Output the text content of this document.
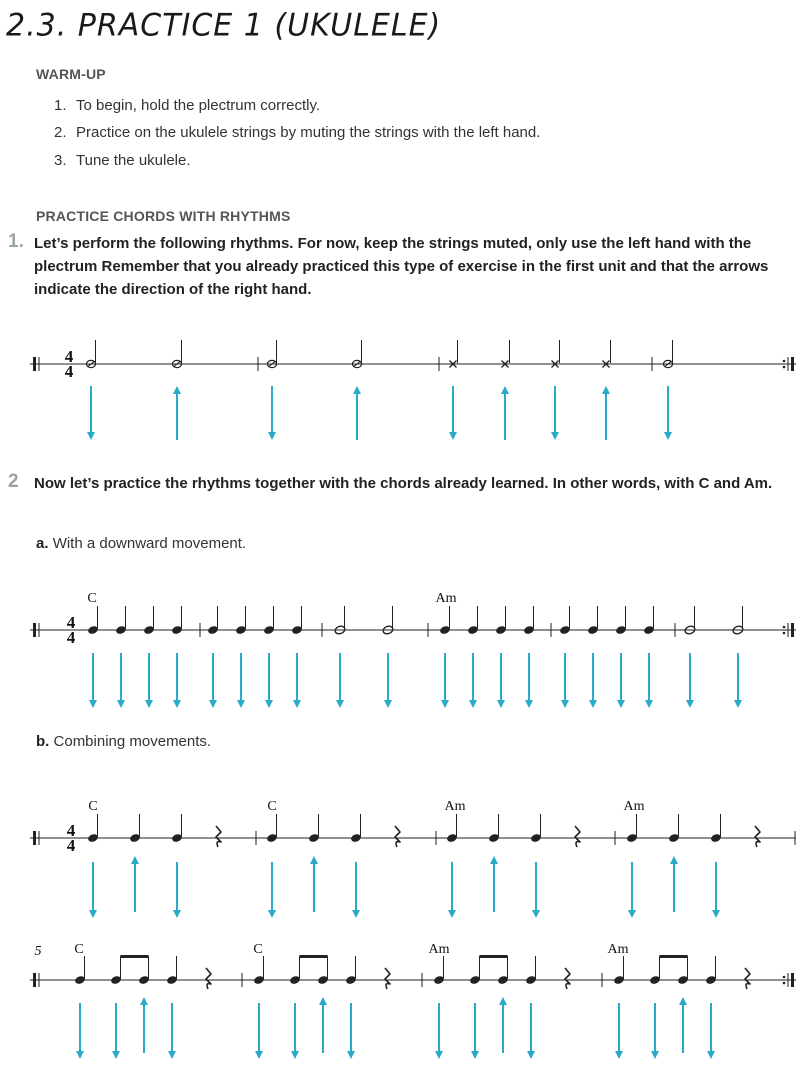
2.3. PRACTICE 1 (UKULELE)
WARM-UP
1. To begin, hold the plectrum correctly.
2. Practice on the ukulele strings by muting the strings with the left hand.
3. Tune the ukulele.
PRACTICE CHORDS WITH RHYTHMS
1. Let’s perform the following rhythms. For now, keep the strings muted, only use the left hand with the plectrum Remember that you already practiced this type of exercise in the first unit and that the arrows indicate the direction of the right hand.
4
4
2 Now let’s practice the rhythms together with the chords already learned. In other words, with C and Am.
a. With a downward movement.
4
4
C	Am
b. Combining movements.
4
4
C	C	Am	Am
5 C	C	Am	Am
